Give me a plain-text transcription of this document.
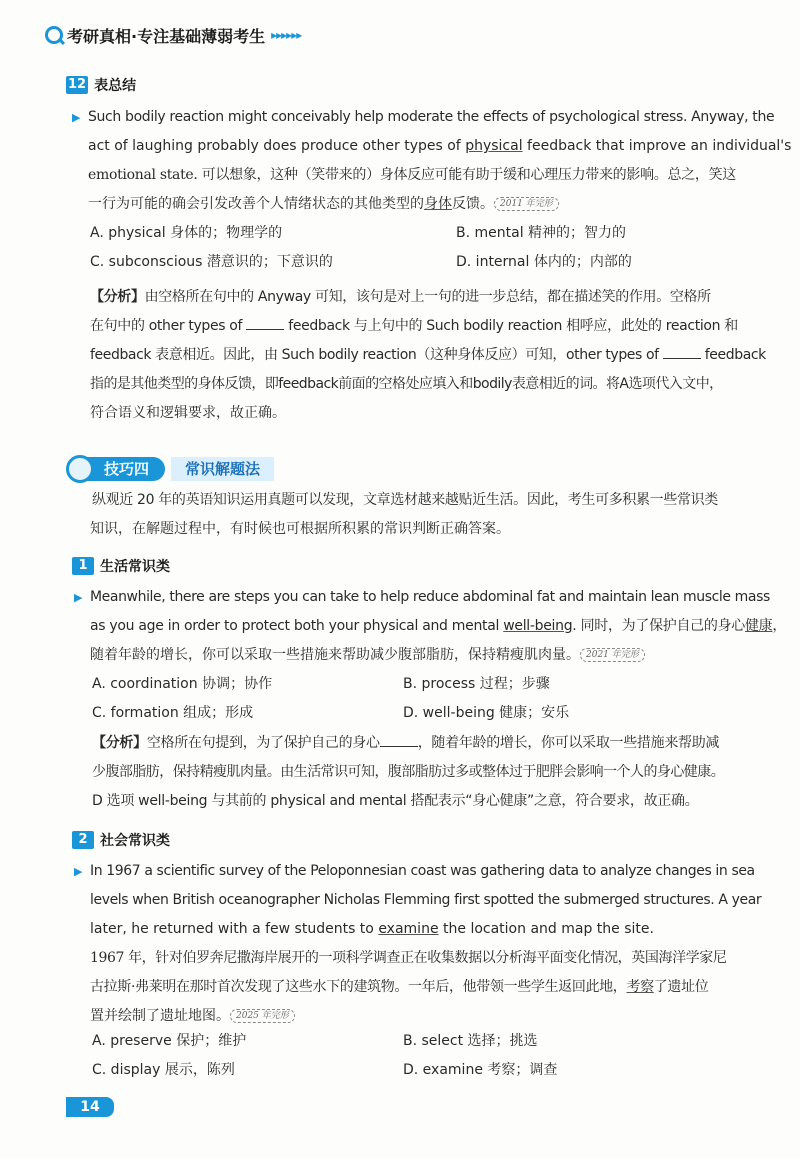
考研真相·专注基础薄弱考生 ▸▸▸▸▸▸
12 表总结
▶ Such bodily reaction might conceivably help moderate the effects of psychological stress. Anyway, the
act of laughing probably does produce other types of physical feedback that improve an individual's
emotional state. 可以想象，这种（笑带来的）身体反应可能有助于缓和心理压力带来的影响。总之，笑这
一行为可能的确会引发改善个人情绪状态的其他类型的身体反馈。 2011 年完形
A. physical 身体的；物理学的	B. mental 精神的；智力的
C. subconscious 潜意识的；下意识的	D. internal 体内的；内部的
【分析】由空格所在句中的 Anyway 可知，该句是对上一句的进一步总结，都在描述笑的作用。空格所
在句中的 other types of	feedback 与上句中的 Such bodily reaction 相呼应，此处的 reaction 和
feedback 表意相近。因此，由 Such bodily reaction（这种身体反应）可知，other types of	feedback
指的是其他类型的身体反馈，即feedback前面的空格处应填入和bodily表意相近的词。将A选项代入文中，
符合语义和逻辑要求，故正确。
技巧四	常识解题法
纵观近 20 年的英语知识运用真题可以发现，文章选材越来越贴近生活。因此，考生可多积累一些常识类
知识，在解题过程中，有时候也可根据所积累的常识判断正确答案。
1 生活常识类
▶ Meanwhile, there are steps you can take to help reduce abdominal fat and maintain lean muscle mass
as you age in order to protect both your physical and mental well-being. 同时，为了保护自己的身心健康，
随着年龄的增长，你可以采取一些措施来帮助减少腹部脂肪，保持精瘦肌肉量。 2021 年完形
A. coordination 协调；协作	B. process 过程；步骤
C. formation 组成；形成	D. well-being 健康；安乐
【分析】空格所在句提到，为了保护自己的身心	，随着年龄的增长，你可以采取一些措施来帮助减
少腹部脂肪，保持精瘦肌肉量。由生活常识可知，腹部脂肪过多或整体过于肥胖会影响一个人的身心健康。
D 选项 well-being 与其前的 physical and mental 搭配表示“身心健康”之意，符合要求，故正确。
2 社会常识类
▶ In 1967 a scientific survey of the Peloponnesian coast was gathering data to analyze changes in sea
levels when British oceanographer Nicholas Flemming first spotted the submerged structures. A year
later, he returned with a few students to examine the location and map the site.
1967 年，针对伯罗奔尼撒海岸展开的一项科学调查正在收集数据以分析海平面变化情况，英国海洋学家尼
古拉斯·弗莱明在那时首次发现了这些水下的建筑物。一年后，他带领一些学生返回此地，考察了遗址位
置并绘制了遗址地图。 2025 年完形
A. preserve 保护；维护	B. select 选择；挑选
C. display 展示，陈列	D. examine 考察；调查
14
